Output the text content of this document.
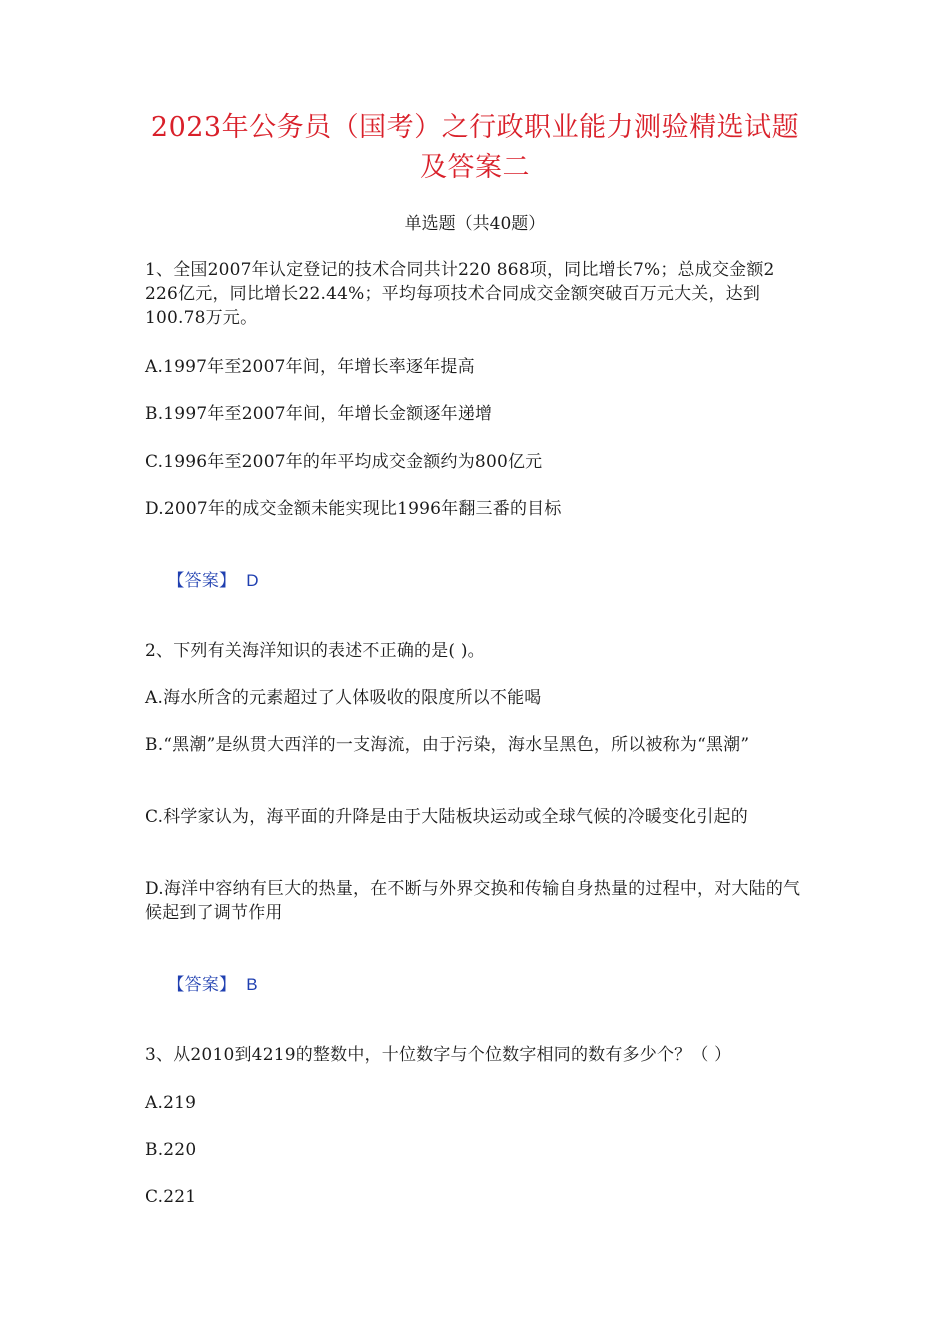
2023年公务员（国考）之行政职业能力测验精选试题及答案二
单选题（共40题）
1、全国2007年认定登记的技术合同共计220 868项，同比增长7%；总成交金额2 226亿元，同比增长22.44%；平均每项技术合同成交金额突破百万元大关，达到100.78万元。
A.1997年至2007年间，年增长率逐年提高
B.1997年至2007年间，年增长金额逐年递增
C.1996年至2007年的年平均成交金额约为800亿元
D.2007年的成交金额未能实现比1996年翻三番的目标

【答案】 D

2、下列有关海洋知识的表述不正确的是( )。
A.海水所含的元素超过了人体吸收的限度所以不能喝
B.“黑潮”是纵贯大西洋的一支海流，由于污染，海水呈黑色，所以被称为“黑潮”
C.科学家认为，海平面的升降是由于大陆板块运动或全球气候的冷暖变化引起的
D.海洋中容纳有巨大的热量，在不断与外界交换和传输自身热量的过程中，对大陆的气候起到了调节作用

【答案】 B

3、从2010到4219的整数中，十位数字与个位数字相同的数有多少个？（ ）
A.219
B.220
C.221
